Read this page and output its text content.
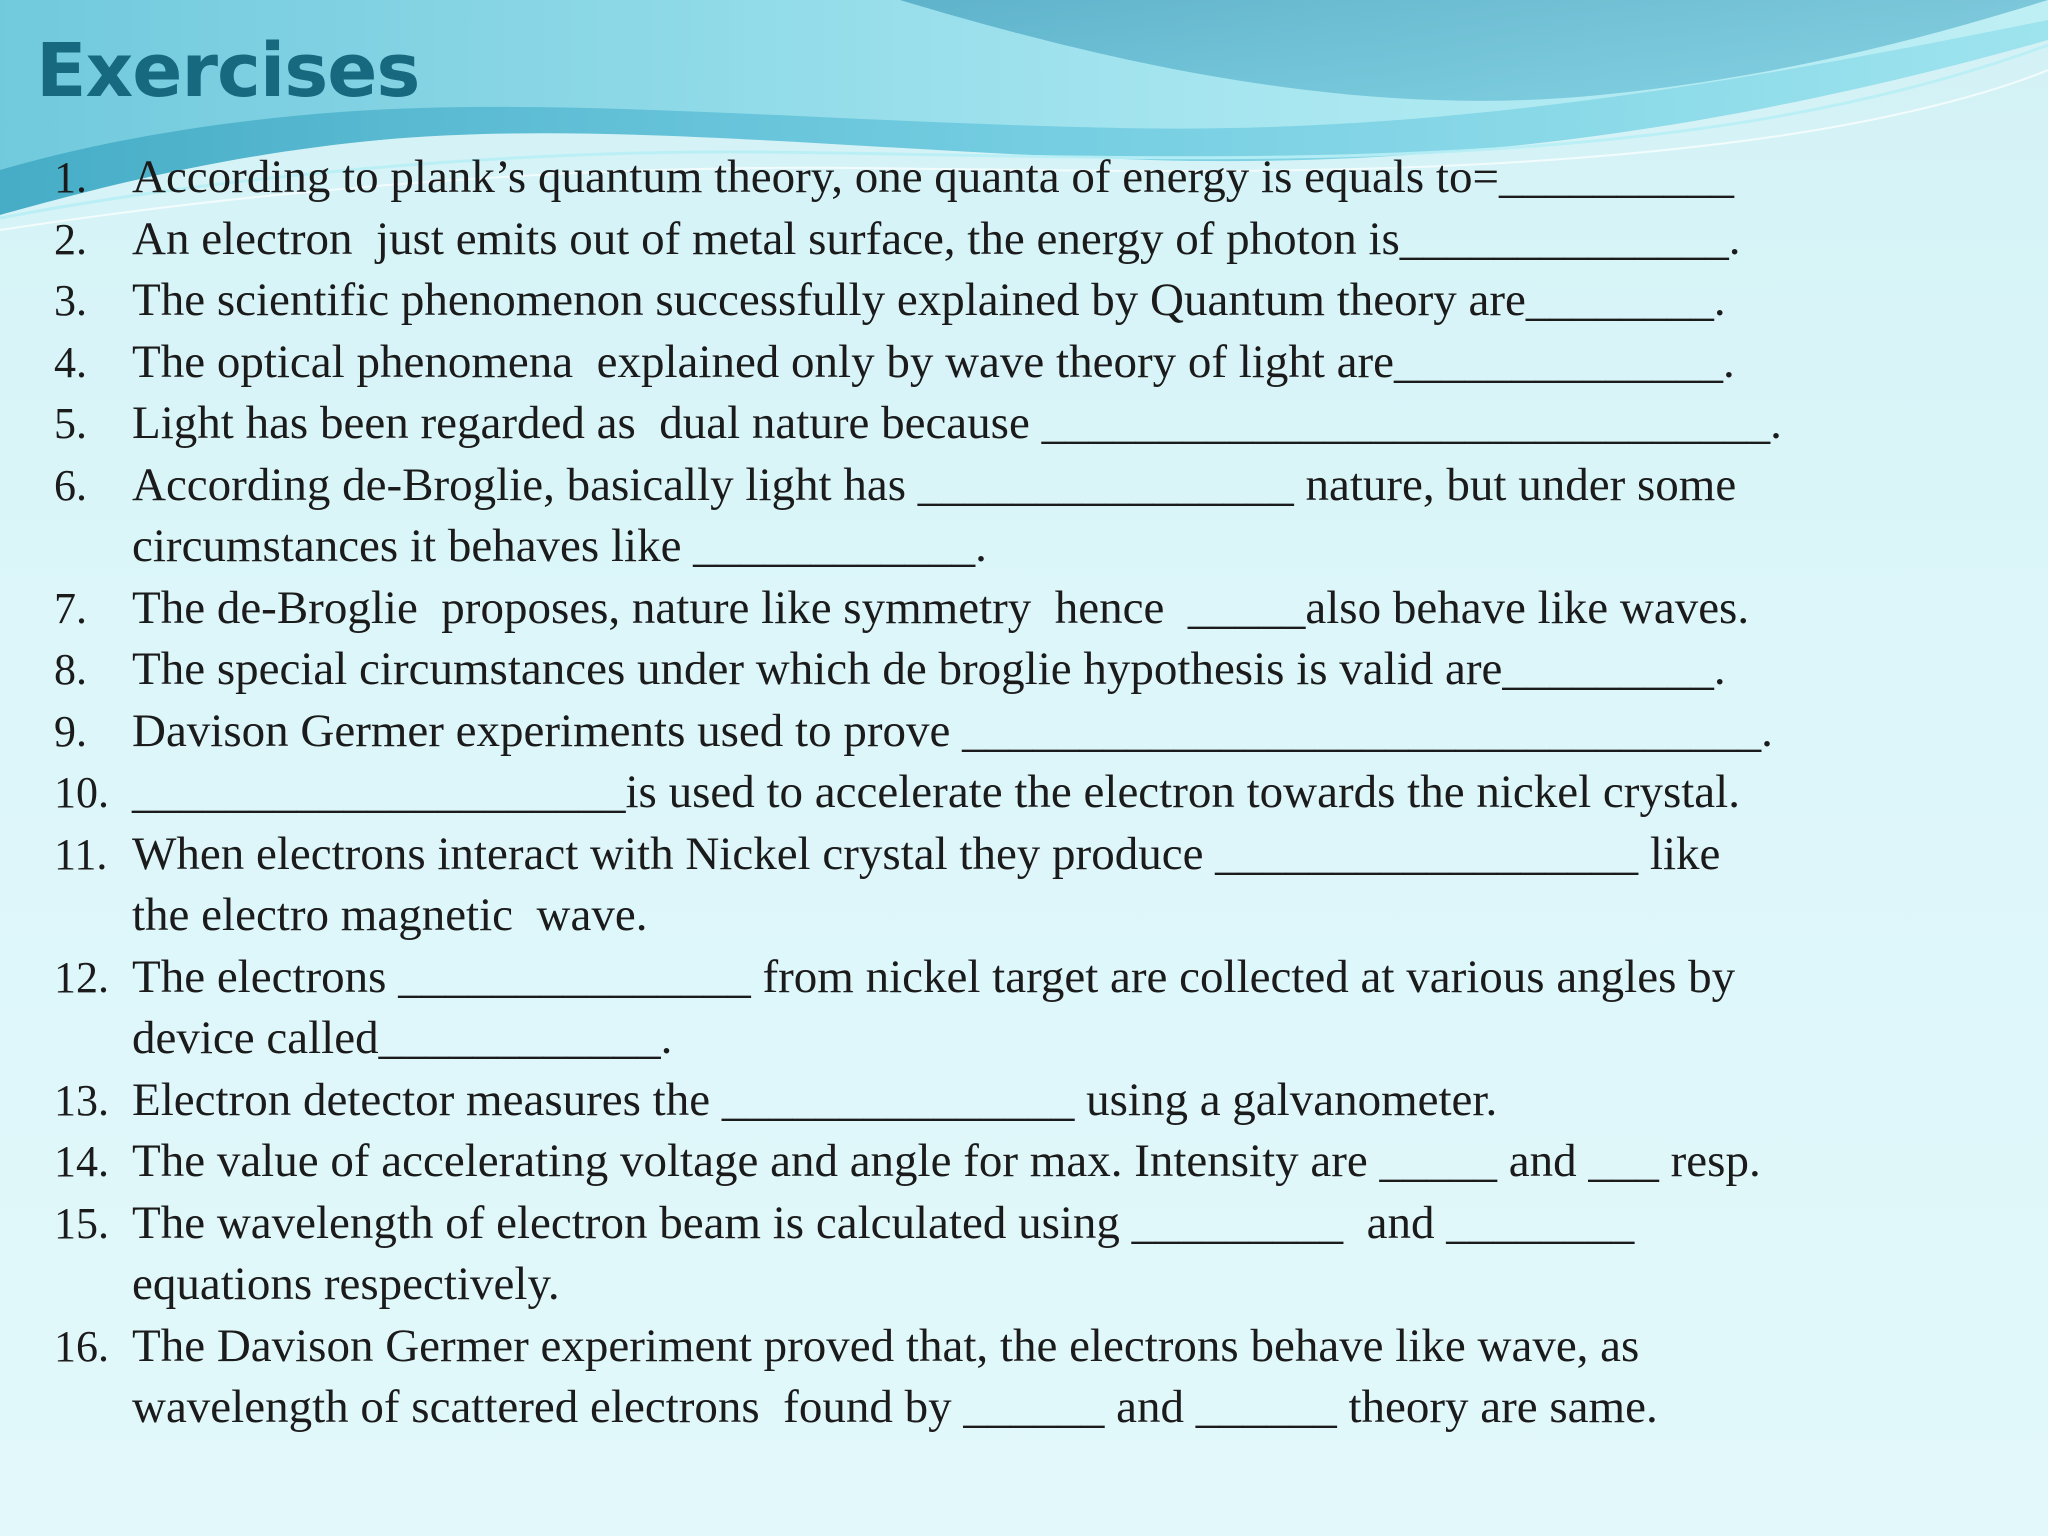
Exercises
1. According to plank’s quantum theory, one quanta of energy is equals to=__________
2. An electron  just emits out of metal surface, the energy of photon is______________.
3. The scientific phenomenon successfully explained by Quantum theory are________.
4. The optical phenomena  explained only by wave theory of light are______________.
5. Light has been regarded as  dual nature because _______________________________.
6. According de-Broglie, basically light has ________________ nature, but under some
circumstances it behaves like ____________.
7. The de-Broglie  proposes, nature like symmetry  hence  _____also behave like waves.
8. The special circumstances under which de broglie hypothesis is valid are_________.
9. Davison Germer experiments used to prove __________________________________.
10. _____________________is used to accelerate the electron towards the nickel crystal.
11. When electrons interact with Nickel crystal they produce __________________ like
the electro magnetic  wave.
12. The electrons _______________ from nickel target are collected at various angles by
device called____________.
13. Electron detector measures the _______________ using a galvanometer.
14. The value of accelerating voltage and angle for max. Intensity are _____ and ___ resp.
15. The wavelength of electron beam is calculated using _________  and ________
equations respectively.
16. The Davison Germer experiment proved that, the electrons behave like wave, as
wavelength of scattered electrons  found by ______ and ______ theory are same.
